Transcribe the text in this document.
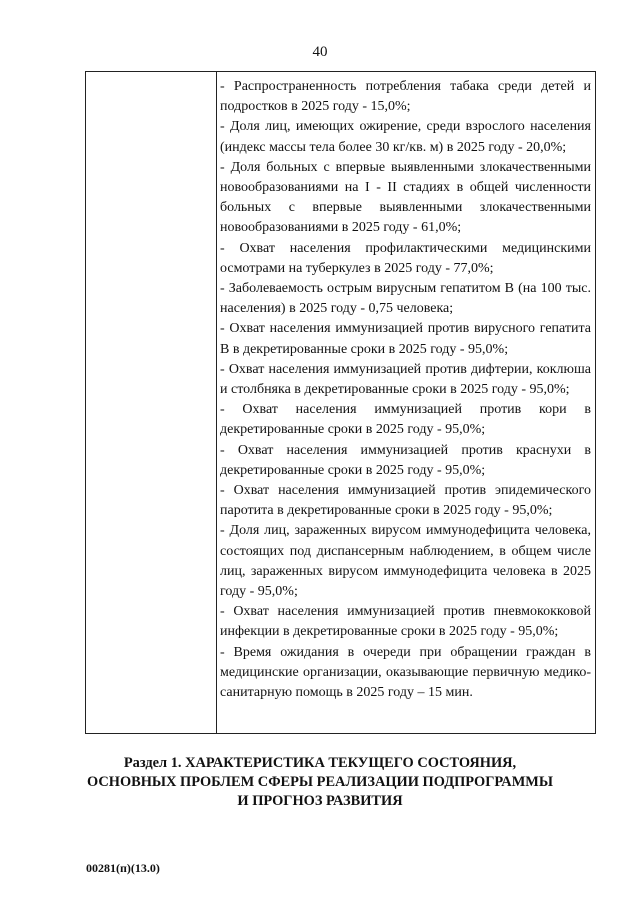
40
- Распространенность потребления табака среди детей и подростков в 2025 году - 15,0%;
- Доля лиц, имеющих ожирение, среди взрослого населения (индекс массы тела более 30 кг/кв. м) в 2025 году - 20,0%;
- Доля больных с впервые выявленными злокачественными новообразованиями на I - II стадиях в общей численности больных с впервые выявленными злокачественными новообразованиями в 2025 году - 61,0%;
- Охват населения профилактическими медицинскими осмотрами на туберкулез в 2025 году - 77,0%;
- Заболеваемость острым вирусным гепатитом В (на 100 тыс. населения) в 2025 году - 0,75 человека;
- Охват населения иммунизацией против вирусного гепатита В в декретированные сроки в 2025 году - 95,0%;
- Охват населения иммунизацией против дифтерии, коклюша и столбняка в декретированные сроки в 2025 году - 95,0%;
- Охват населения иммунизацией против кори в декретированные сроки в 2025 году - 95,0%;
- Охват населения иммунизацией против краснухи в декретированные сроки в 2025 году - 95,0%;
- Охват населения иммунизацией против эпидемического паротита в декретированные сроки в 2025 году - 95,0%;
- Доля лиц, зараженных вирусом иммунодефицита человека, состоящих под диспансерным наблюдением, в общем числе лиц, зараженных вирусом иммунодефицита человека в 2025 году - 95,0%;
- Охват населения иммунизацией против пневмококковой инфекции в декретированные сроки в 2025 году - 95,0%;
- Время ожидания в очереди при обращении граждан в медицинские организации, оказывающие первичную медико-санитарную помощь в 2025 году – 15 мин.
Раздел 1. ХАРАКТЕРИСТИКА ТЕКУЩЕГО СОСТОЯНИЯ,
ОСНОВНЫХ ПРОБЛЕМ СФЕРЫ РЕАЛИЗАЦИИ ПОДПРОГРАММЫ
И ПРОГНОЗ РАЗВИТИЯ
00281(п)(13.0)
